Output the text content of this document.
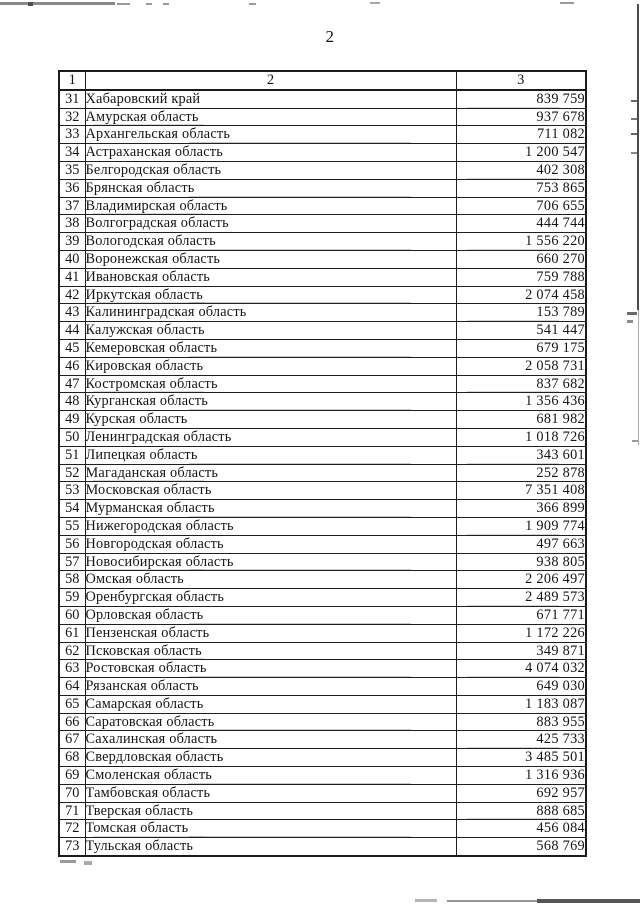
2
1	2	3
31	Хабаровский край	839 759
32	Амурская область	937 678
33	Архангельская область	711 082
34	Астраханская область	1 200 547
35	Белгородская область	402 308
36	Брянская область	753 865
37	Владимирская область	706 655
38	Волгоградская область	444 744
39	Вологодская область	1 556 220
40	Воронежская область	660 270
41	Ивановская область	759 788
42	Иркутская область	2 074 458
43	Калининградская область	153 789
44	Калужская область	541 447
45	Кемеровская область	679 175
46	Кировская область	2 058 731
47	Костромская область	837 682
48	Курганская область	1 356 436
49	Курская область	681 982
50	Ленинградская область	1 018 726
51	Липецкая область	343 601
52	Магаданская область	252 878
53	Московская область	7 351 408
54	Мурманская область	366 899
55	Нижегородская область	1 909 774
56	Новгородская область	497 663
57	Новосибирская область	938 805
58	Омская область	2 206 497
59	Оренбургская область	2 489 573
60	Орловская область	671 771
61	Пензенская область	1 172 226
62	Псковская область	349 871
63	Ростовская область	4 074 032
64	Рязанская область	649 030
65	Самарская область	1 183 087
66	Саратовская область	883 955
67	Сахалинская область	425 733
68	Свердловская область	3 485 501
69	Смоленская область	1 316 936
70	Тамбовская область	692 957
71	Тверская область	888 685
72	Томская область	456 084
73	Тульская область	568 769
